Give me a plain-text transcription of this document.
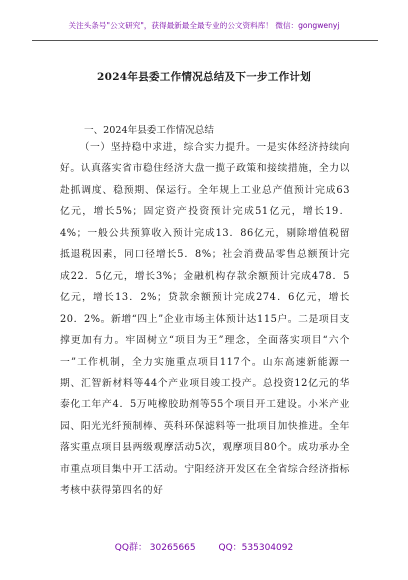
关注头条号"公文研究"，获得最新最全最专业的公文资料库！ 微信：gongwenyj
2024年县委工作情况总结及下一步工作计划
一、2024年县委工作情况总结
（一）坚持稳中求进，综合实力提升。一是实体经济持续向好。认真落实省市稳住经济大盘一揽子政策和接续措施，全力以赴抓调度、稳预期、保运行。全年规上工业总产值预计完成63亿元，增长5%；固定资产投资预计完成51亿元，增长19．4%；一般公共预算收入预计完成13．86亿元，剔除增值税留抵退税因素，同口径增长5．8%；社会消费品零售总额预计完成22．5亿元，增长3%；金融机构存款余额预计完成478．5亿元，增长13．2%；贷款余额预计完成274．6亿元，增长20．2%。新增“四上”企业市场主体预计达115户。二是项目支撑更加有力。牢固树立“项目为王”理念，全面落实项目“六个一”工作机制，全力实施重点项目117个。山东高速新能源一期、汇智新材料等44个产业项目竣工投产。总投资12亿元的华泰化工年产4．5万吨橡胶助剂等55个项目开工建设。小米产业园、阳光光纤预制棒、英科环保滤料等一批项目加快推进。全年落实重点项目县两级观摩活动5次，观摩项目80个。成功承办全市重点项目集中开工活动。宁阳经济开发区在全省综合经济指标考核中获得第四名的好
QQ群： 30265665	QQ：535304092
